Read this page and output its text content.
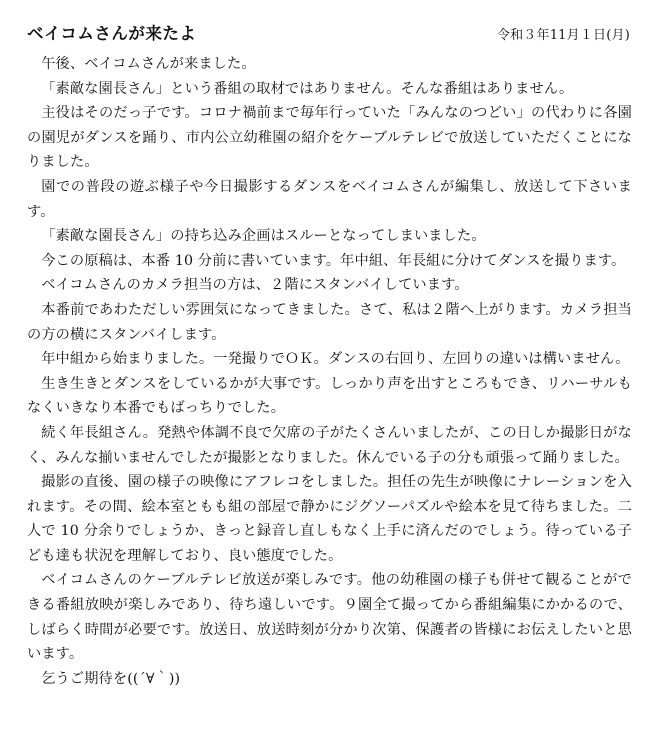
ベイコムさんが来たよ	令和３年11月１日(月)

午後、ベイコムさんが来ました。

「素敵な園長さん」という番組の取材ではありません。そんな番組はありません。

主役はそのだっ子です。コロナ禍前まで毎年行っていた「みんなのつどい」の代わりに各園の園児がダンスを踊り、市内公立幼稚園の紹介をケーブルテレビで放送していただくことになりました。

園での普段の遊ぶ様子や今日撮影するダンスをベイコムさんが編集し、放送して下さいます。

「素敵な園長さん」の持ち込み企画はスルーとなってしまいました。

今この原稿は、本番 10 分前に書いています。年中組、年長組に分けてダンスを撮ります。

ベイコムさんのカメラ担当の方は、２階にスタンバイしています。

本番前であわただしい雰囲気になってきました。さて、私は２階へ上がります。カメラ担当の方の横にスタンバイします。

年中組から始まりました。一発撮りでＯＫ。ダンスの右回り、左回りの違いは構いません。

生き生きとダンスをしているかが大事です。しっかり声を出すところもでき、リハーサルもなくいきなり本番でもばっちりでした。

続く年長組さん。発熱や体調不良で欠席の子がたくさんいましたが、この日しか撮影日がなく、みんな揃いませんでしたが撮影となりました。休んでいる子の分も頑張って踊りました。

撮影の直後、園の様子の映像にアフレコをしました。担任の先生が映像にナレーションを入れます。その間、絵本室ともも組の部屋で静かにジグソーパズルや絵本を見て待ちました。二人で 10 分余りでしょうか、きっと録音し直しもなく上手に済んだのでしょう。待っている子ども達も状況を理解しており、良い態度でした。

ベイコムさんのケーブルテレビ放送が楽しみです。他の幼稚園の様子も併せて観ることができる番組放映が楽しみであり、待ち遠しいです。９園全て撮ってから番組編集にかかるので、しばらく時間が必要です。放送日、放送時刻が分かり次第、保護者の皆様にお伝えしたいと思います。

乞うご期待を((´∀｀))
